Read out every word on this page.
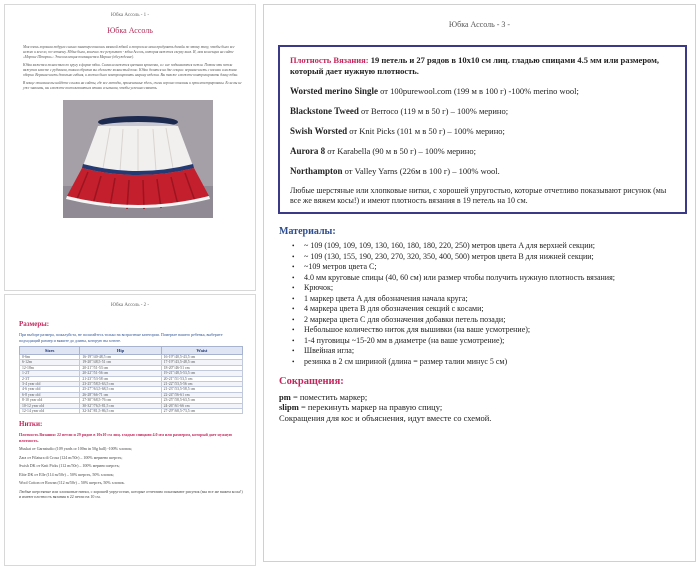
Юбка Ассоль - 1 -
Юбка Ассоль

Моя очень хорошая подруга сильно заинтересовалась вязаной юбкой и попросила меня придумать дизайн по этому типу, чтобы было все нежно и весело, по-летнему. Юбка была, конечно же результат - юбка Ассоль, которая вяжется сверху вниз. И, моя коллекция на сайте «Мороне Шторки»: Эта коллекция посвящается Марине (обсуждение).

Юбка вяжется полностью по кругу в форме юбки. Сначала вяжется цветная кромочка, а с нее поднимаются петли. Потом эти петли вяжутся вместе с рубчиком, таким образом вы сделаете волнистый пояс. Юбка делится на две секции: верхняя часть с косами и нижняя оборка. Верхняя часть довольно гибкая, и можно было контролировать ширину изделия. Вы также сможете контролировать длину юбки.

В конце описания вы найдете ссылки на сайты, где все методы, примененные здесь, очень хорошо описаны и проиллюстрированы. Если вы не уже знакомы, вы сможете воспользоваться этими ссылками, чтобы успешно связать.

Юбка Ассоль - 2 -
Размеры:
При выборе размера, пожалуйста, не полагайтесь только на возрастные категории. Померьте вашего ребенка, выберите подходящий размер и вяжите до длины, которую вы хотите.
Sizes	Hip	Waist
0-6m	16-19"/40-48,5 cm	16-19"/40,5-43,5 cm
6-12m	19-20"/48,5-51 cm	17-19"/43,5-48,5 cm
12-18m	20-21"/51-53 cm	18-20"/46-51 cm
1-2T	20-22"/51-56 cm	19-21"/48,5-53,5 cm
2-3T	21-23"/53-58 cm	20-21"/51-53,5 cm
3-4 year old	23-25"/58,5-63,5 cm	21-22"/53,5-56 cm
4-6 year old	25-27"/63,5-68,5 cm	21-23"/53,5-58,5 cm
6-8 year old	26-28"/66-71 cm	22-24"/56-61 cm
8-10 year old	27-30"/68,5-76 cm	23-25"/58,5-63,5 cm
10-12 year old	30-32"/76,5-81,5 cm	24-26"/61-66 cm
12-14 year old	32-34"/81,5-86,5 cm	27-29"/68,5-73,5 cm
Нитки:
Плотность Вязания: 22 петли и 29 рядов в 10х10 см лиц. гладью спицами 4.0 мм или размером, который дает нужную плотность.
Muskat от Garnstudio (109 yards or 100m in 50g ball) -100% хлопок;
Zara от Filatura di Crosa (124 m/50г) – 100% мериено шерсть;
Swish DK от Knit Picks (112 m/50г) – 100% мерино шерсть;
Elite DK от Elle (114 m/50г) – 50% шерсть, 50% хлопок;
Wool Cotton от Rowan (112 m/50г) – 50% шерсть, 50% хлопок.
Любые шерстяные или хлопковые нитки, с хорошей упругостью, которые отчетливо показывают рисунок (мы все же вяжем косы!) и имеют плотность вязания в 22 петли на 10 см.
Юбка Ассоль - 3 -
Плотность Вязания: 19 петель и 27 рядов в 10х10 см лиц. гладью спицами 4.5 мм или размером, который дает нужную плотность.
Worsted merino Single от 100purewool.com (199 м в 100 г) -100% merino wool;
Blackstone Tweed от Berroco (119 м в 50 г) – 100% мерино;
Swish Worsted от Knit Picks (101 м в 50 г) – 100% мерино;
Aurora 8 от Karabella (90 м в 50 г) – 100% мерино;
Northampton от Valley Yarns (226м в 100 г) – 100% wool.
Любые шерстяные или хлопковые нитки, с хорошей упругостью, которые отчетливо показывают рисунок (мы все же вяжем косы!) и имеют плотность вязания в 19 петель на 10 см.
Материалы:
• ~ 109 (109, 109, 109, 130, 160, 180, 180, 220, 250) метров цвета A для верхней секции;
• ~ 109 (130, 155, 190, 230, 270, 320, 350, 400, 500) метров цвета B для нижней секции;
• ~109 метров цвета C;
• 4.0 мм круговые спицы (40, 60 см) или размер чтобы получить нужную плотность вязания;
• Крючок;
• 1 маркер цвета A для обозначения начала круга;
• 4 маркера цвета B для обозначения секций с косами;
• 2 маркера цвета C для обозначения добавки петель позади;
• Небольшое количество ниток для вышивки (на ваше усмотрение);
• 1-4 пуговицы ~15-20 мм в диаметре (на ваше усмотрение);
• Швейная игла;
• резинка в 2 см шириной (длина = размер талии минус 5 см)
Сокращения:
pm = поместить маркер;
slipm = перекинуть маркер на правую спицу;
Сокращения для кос и объяснения, идут вместе со схемой.
